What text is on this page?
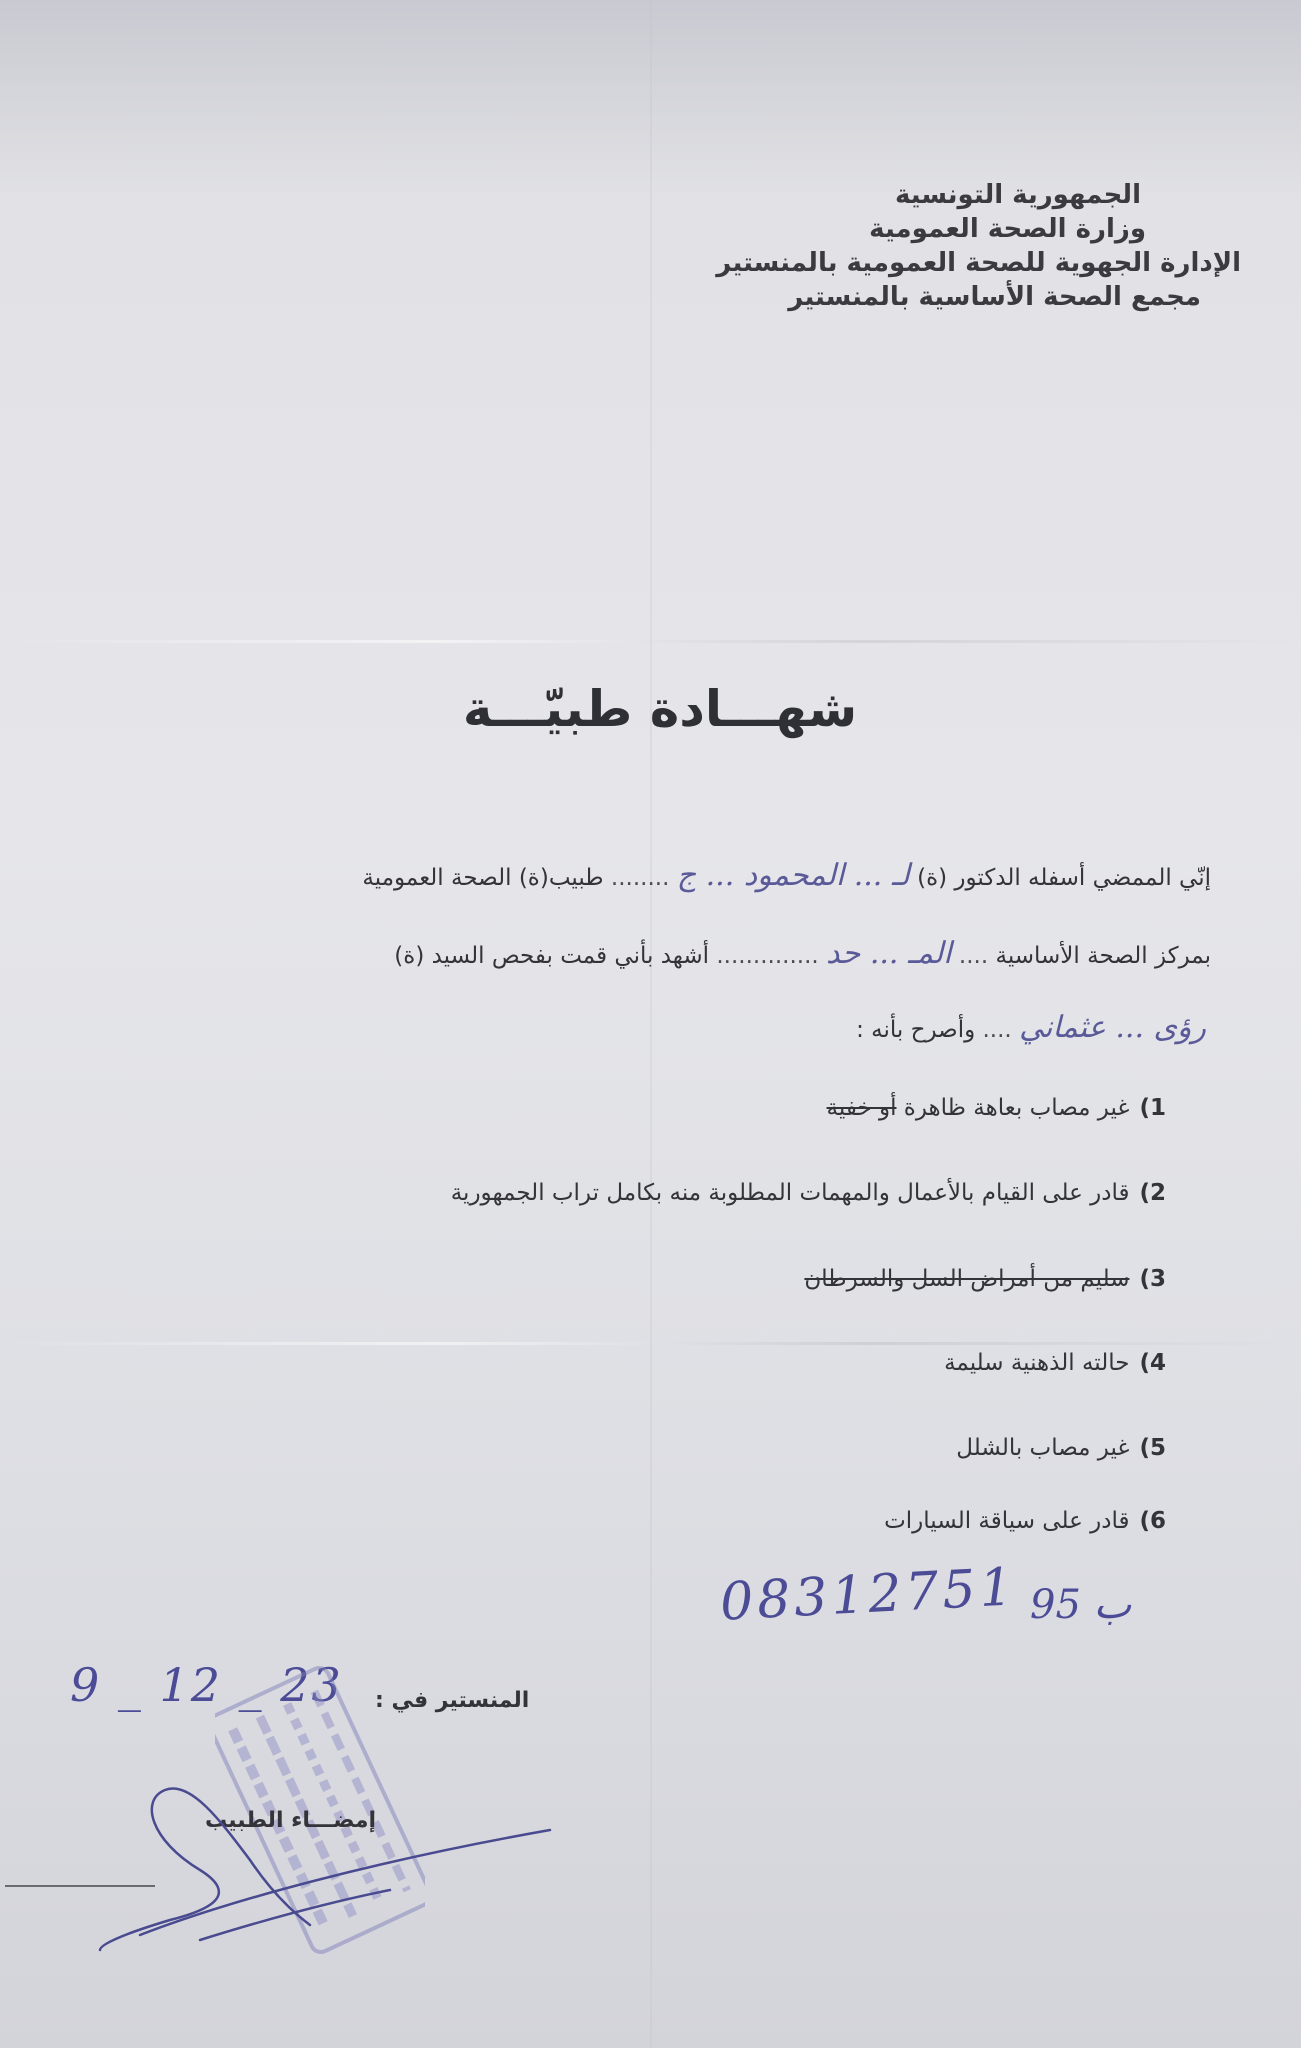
الجمهورية التونسية
وزارة الصحة العمومية
الإدارة الجهوية للصحة العمومية بالمنستير
مجمع الصحة الأساسية بالمنستير
شهـــادة طبيّـــة
إنّي الممضي أسفله الدكتور (ة) لـ ... المحمود ... ج ........ طبيب(ة) الصحة العمومية
بمركز الصحة الأساسية .... المـ ... حد .............. أشهد بأني قمت بفحص السيد (ة)
رؤى ... عثماني .... وأصرح بأنه :
1)غير مصاب بعاهة ظاهرة أو خفية
2)قادر على القيام بالأعمال والمهمات المطلوبة منه بكامل تراب الجمهورية
3)سليم من أمراض السل والسرطان
4)حالته الذهنية سليمة
5)غير مصاب بالشلل
6)قادر على سياقة السيارات
08312751 ب 95
9 _ 12 _ 23 المنستير في :
إمضـــاء الطبيب
